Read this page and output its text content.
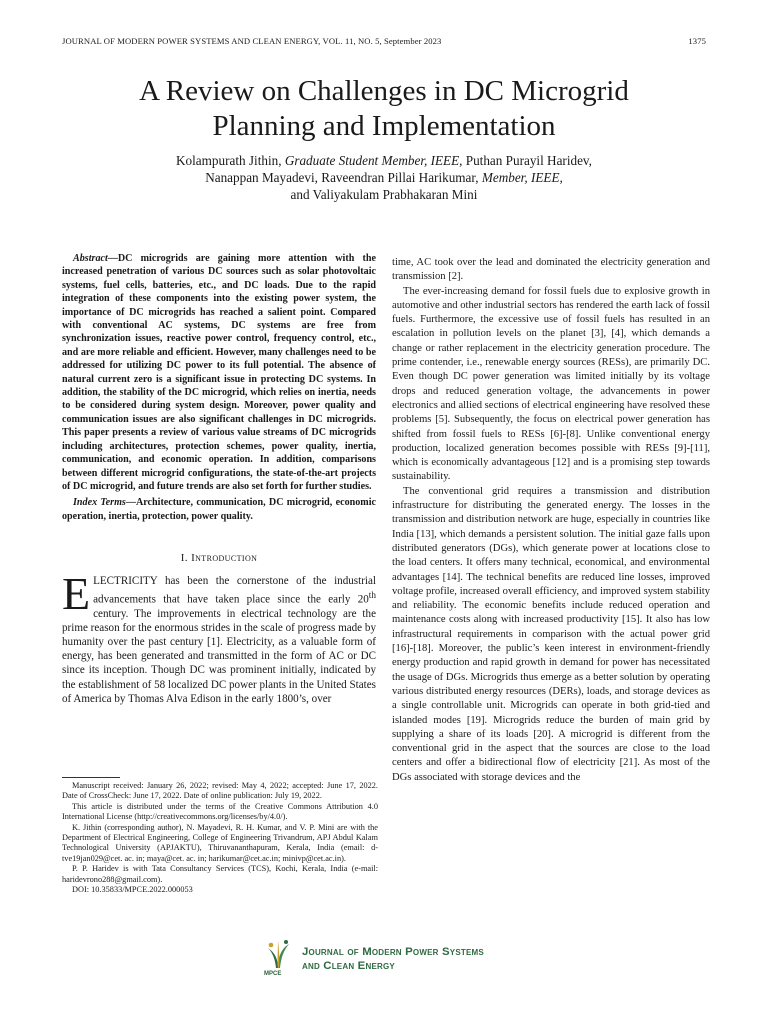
JOURNAL OF MODERN POWER SYSTEMS AND CLEAN ENERGY, VOL. 11, NO. 5, September 2023	1375
A Review on Challenges in DC Microgrid
Planning and Implementation
Kolampurath Jithin, Graduate Student Member, IEEE, Puthan Purayil Haridev,
Nanappan Mayadevi, Raveendran Pillai Harikumar, Member, IEEE,
and Valiyakulam Prabhakaran Mini

Abstract—DC microgrids are gaining more attention with the increased penetration of various DC sources such as solar photovoltaic systems, fuel cells, batteries, etc., and DC loads. Due to the rapid integration of these components into the existing power system, the importance of DC microgrids has reached a salient point. Compared with conventional AC systems, DC systems are free from synchronization issues, reactive power control, frequency control, etc., and are more reliable and efficient. However, many challenges need to be addressed for utilizing DC power to its full potential. The absence of natural current zero is a significant issue in protecting DC systems. In addition, the stability of the DC microgrid, which relies on inertia, needs to be considered during system design. Moreover, power quality and communication issues are also significant challenges in DC microgrids. This paper presents a review of various value streams of DC microgrids including architectures, protection schemes, power quality, inertia, communication, and economic operation. In addition, comparisons between different microgrid configurations, the state-of-the-art projects of DC microgrid, and future trends are also set forth for further studies.

Index Terms—Architecture, communication, DC microgrid, economic operation, inertia, protection, power quality.

I. Introduction

ELECTRICITY has been the cornerstone of the industrial advancements that have taken place since the early 20th century. The improvements in electrical technology are the prime reason for the enormous strides in the scale of progress made by humanity over the past century [1]. Electricity, as a valuable form of energy, has been generated and transmitted in the form of AC or DC since its inception. Though DC was prominent initially, indicated by the establishment of 58 localized DC power plants in the United States of America by Thomas Alva Edison in the early 1800’s, over

Manuscript received: January 26, 2022; revised: May 4, 2022; accepted: June 17, 2022. Date of CrossCheck: June 17, 2022. Date of online publication: July 19, 2022.

This article is distributed under the terms of the Creative Commons Attribution 4.0 International License (http://creativecommons.org/licenses/by/4.0/).

K. Jithin (corresponding author), N. Mayadevi, R. H. Kumar, and V. P. Mini are with the Department of Electrical Engineering, College of Engineering Trivandrum, APJ Abdul Kalam Technological University (APJAKTU), Thiruvananthapuram, Kerala, India (email: d-tve19jan029@cet. ac. in; maya@cet. ac. in; harikumar@cet.ac.in; minivp@cet.ac.in).

P. P. Haridev is with Tata Consultancy Services (TCS), Kochi, Kerala, India (e-mail: haridevrono288@gmail.com).

DOI: 10.35833/MPCE.2022.000053

time, AC took over the lead and dominated the electricity generation and transmission [2].

The ever-increasing demand for fossil fuels due to explosive growth in automotive and other industrial sectors has rendered the earth lack of fossil fuels. Furthermore, the excessive use of fossil fuels has resulted in an escalation in pollution levels on the planet [3], [4], which demands a change or rather replacement in the electricity generation procedure. The prime contender, i.e., renewable energy sources (RESs), are primarily DC. Even though DC power generation was limited initially by its voltage drops and reduced generation voltage, the advancements in power electronics and allied sections of electrical engineering have resolved these problems [5]. Subsequently, the focus on electrical power generation has shifted from fossil fuels to RESs [6]-[8]. Unlike conventional energy production, localized generation becomes possible with RESs [9]-[11], which is economically advantageous [12] and is a promising step towards sustainability.

The conventional grid requires a transmission and distribution infrastructure for distributing the generated energy. The losses in the transmission and distribution network are huge, especially in countries like India [13], which demands a persistent solution. The initial gaze falls upon distributed generators (DGs), which generate power at locations close to the load centers. It offers many technical, economical, and environmental advantages [14]. The technical benefits are reduced line losses, improved voltage profile, increased overall efficiency, and improved system stability and reliability. The economic benefits include reduced operation and maintenance costs along with increased productivity [15]. It also has low infrastructural requirements in comparison with the actual power grid [16]-[18]. Moreover, the public’s keen interest in environment-friendly energy production and rapid growth in demand for power has necessitated the usage of DGs. Microgrids thus emerge as a better solution by operating various distributed energy resources (DERs), loads, and storage devices as a single controllable unit. Microgrids can operate in both grid-tied and islanded modes [19]. Microgrids reduce the burden of main grid by supplying a share of its loads [20]. A microgrid is different from the conventional grid in the aspect that the sources are close to the load centers and offer a bidirectional flow of electricity [21]. As most of the DGs associated with storage devices and the

MPCE
Journal of Modern Power Systems
and Clean Energy
